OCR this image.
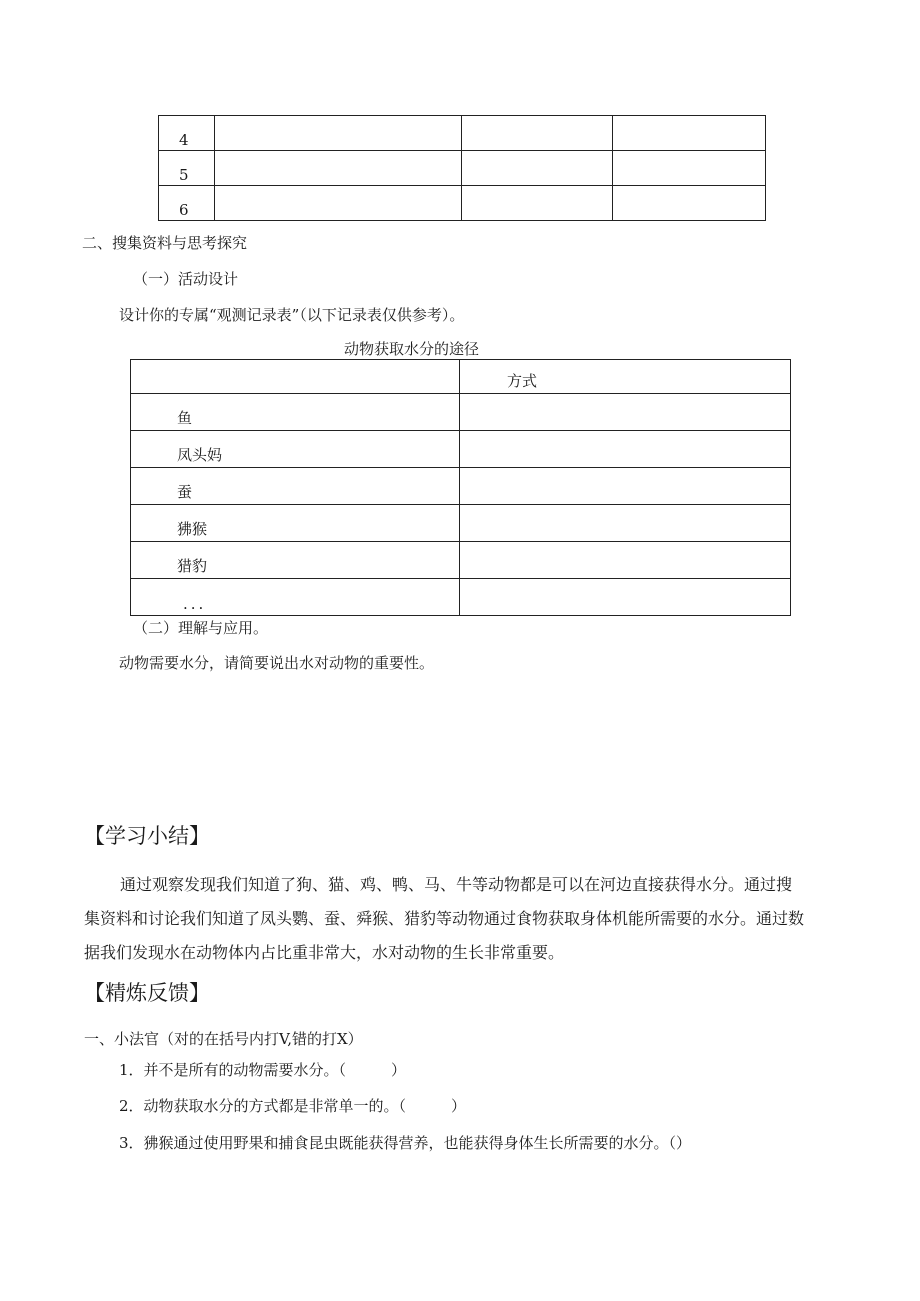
4			
5			
6			
二、搜集资料与思考探究
（一）活动设计
设计你的专属“观测记录表”（以下记录表仅供参考）。
动物获取水分的途径
	方式
鱼	
凤头妈	
蚕	
狒猴	
猎豹	
...	
（二）理解与应用。
动物需要水分，请简要说出水对动物的重要性。
【学习小结】
通过观察发现我们知道了狗、猫、鸡、鸭、马、牛等动物都是可以在河边直接获得水分。通过搜
集资料和讨论我们知道了凤头鹦、蚕、舜猴、猎豹等动物通过食物获取身体机能所需要的水分。通过数
据我们发现水在动物体内占比重非常大，水对动物的生长非常重要。
【精炼反馈】
一、小法官（对的在括号内打V,错的打X）
1．并不是所有的动物需要水分。（　　　）
2．动物获取水分的方式都是非常单一的。（　　　）
3．狒猴通过使用野果和捕食昆虫既能获得营养，也能获得身体生长所需要的水分。（）
